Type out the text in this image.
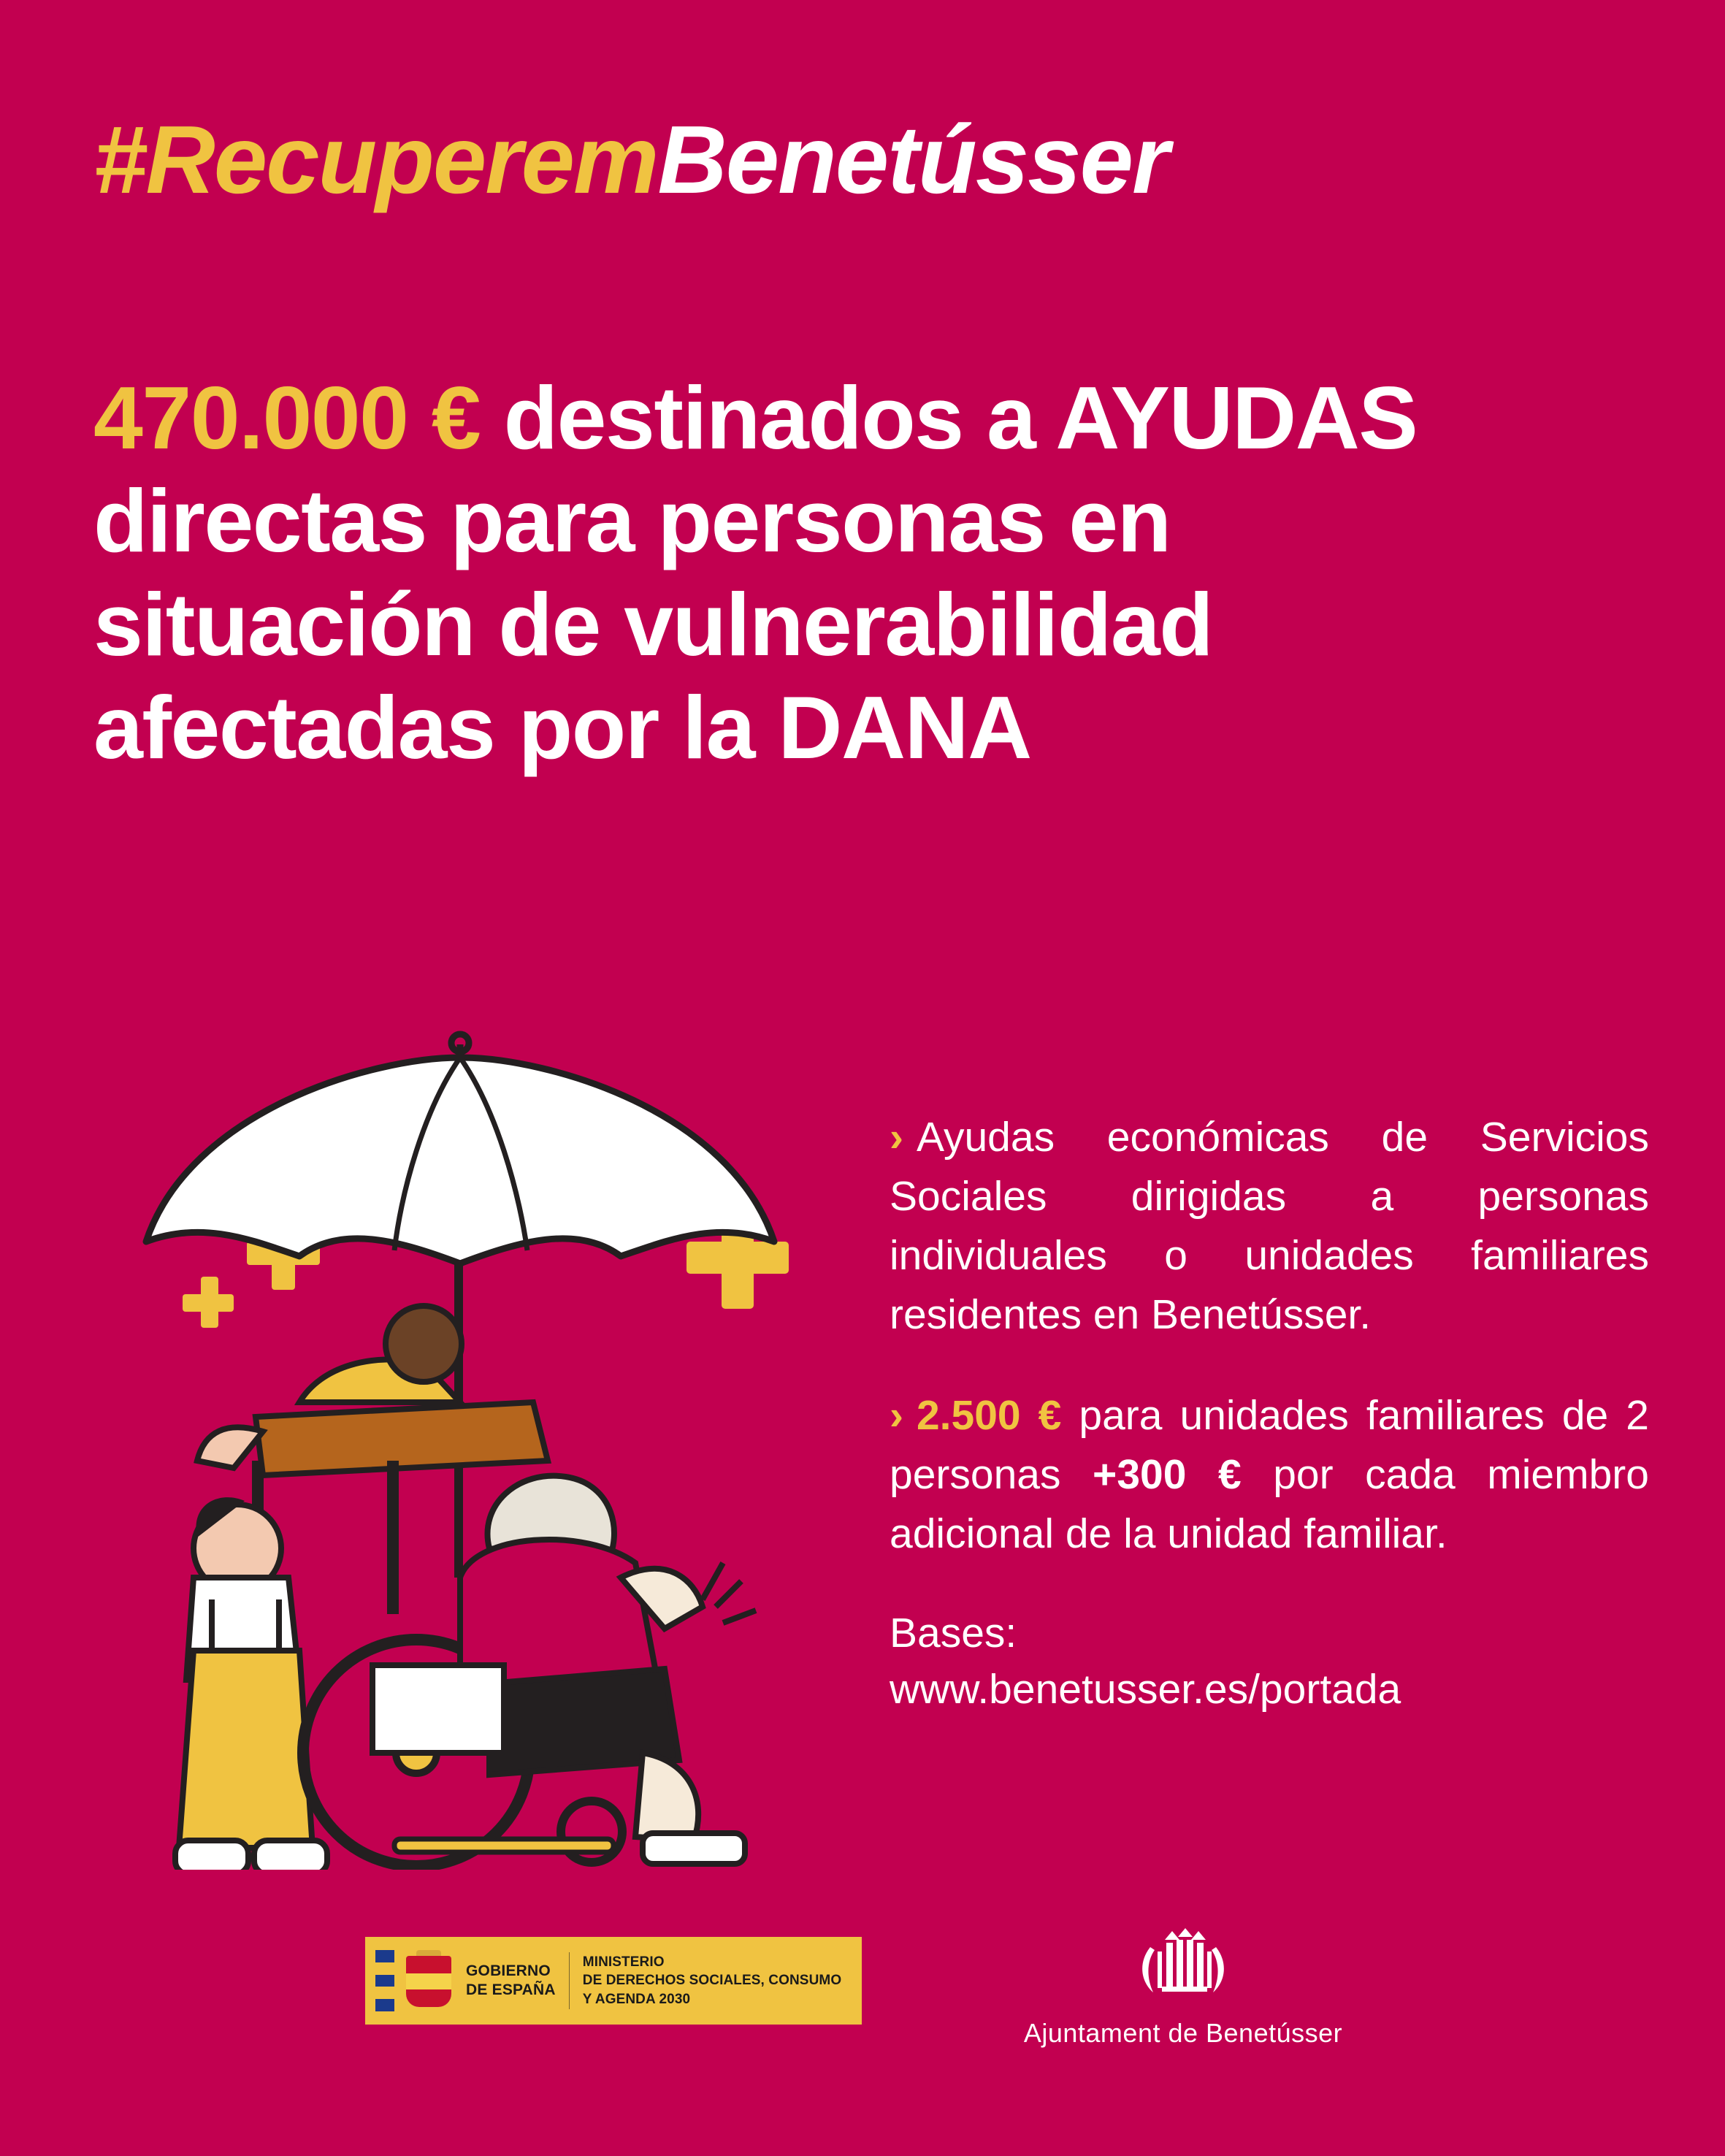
#RecuperemBenetússer
470.000 € destinados a AYUDAS directas para personas en situación de vulnerabilidad afectadas por la DANA

› Ayudas económicas de Servicios Sociales dirigidas a personas individuales o unidades familiares residentes en Benetússer.

› 2.500 € para unidades familiares de 2 personas +300 € por cada miembro adicional de la unidad familiar.

Bases:
www.benetusser.es/portada

GOBIERNO
DE ESPAÑA
MINISTERIO
DE DERECHOS SOCIALES, CONSUMO
Y AGENDA 2030
Ajuntament de Benetússer
